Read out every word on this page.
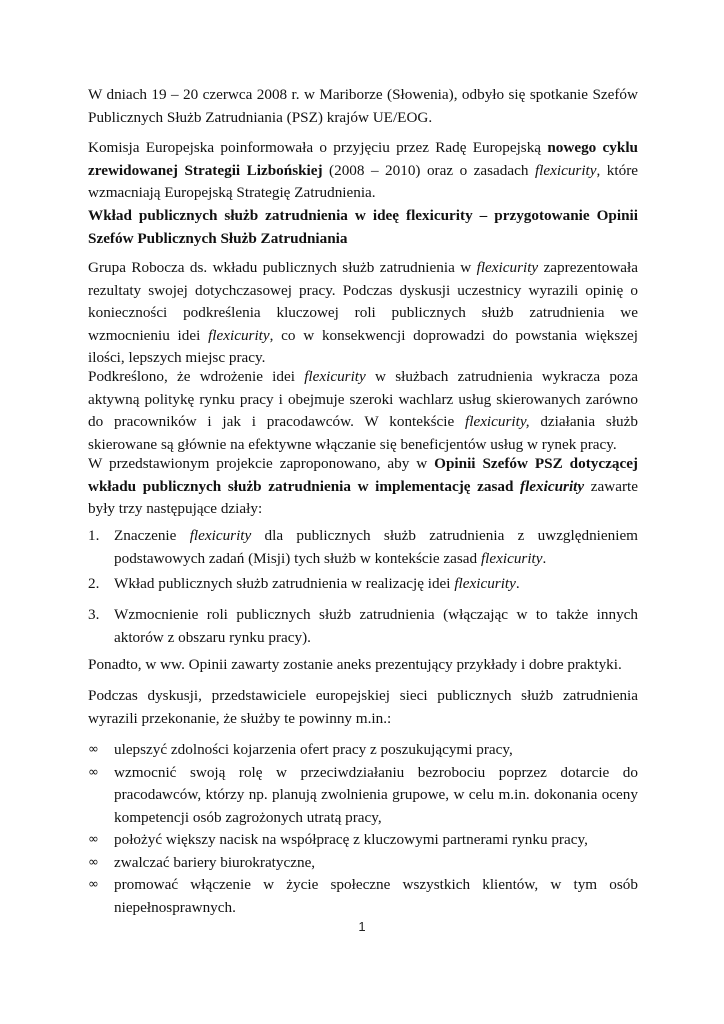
W dniach 19 – 20 czerwca 2008 r. w Mariborze (Słowenia), odbyło się spotkanie Szefów Publicznych Służb Zatrudniania (PSZ) krajów UE/EOG.

Komisja Europejska poinformowała o przyjęciu przez Radę Europejską nowego cyklu zrewidowanej Strategii Lizbońskiej (2008 – 2010) oraz o zasadach flexicurity, które wzmacniają Europejską Strategię Zatrudnienia.

Wkład publicznych służb zatrudnienia w ideę flexicurity – przygotowanie Opinii Szefów Publicznych Służb Zatrudniania

Grupa Robocza ds. wkładu publicznych służb zatrudnienia w flexicurity zaprezentowała rezultaty swojej dotychczasowej pracy. Podczas dyskusji uczestnicy wyrazili opinię o konieczności podkreślenia kluczowej roli publicznych służb zatrudnienia we wzmocnieniu idei flexicurity, co w konsekwencji doprowadzi do powstania większej ilości, lepszych miejsc pracy.

Podkreślono, że wdrożenie idei flexicurity w służbach zatrudnienia wykracza poza aktywną politykę rynku pracy i obejmuje szeroki wachlarz usług skierowanych zarówno do pracowników i jak i pracodawców. W kontekście flexicurity, działania służb skierowane są głównie na efektywne włączanie się beneficjentów usług w rynek pracy.

W przedstawionym projekcie zaproponowano, aby w Opinii Szefów PSZ dotyczącej wkładu publicznych służb zatrudnienia w implementację zasad flexicurity zawarte były trzy następujące działy:

1. Znaczenie flexicurity dla publicznych służb zatrudnienia z uwzględnieniem podstawowych zadań (Misji) tych służb w kontekście zasad flexicurity.
2. Wkład publicznych służb zatrudnienia w realizację idei flexicurity.
3. Wzmocnienie roli publicznych służb zatrudnienia (włączając w to także innych aktorów z obszaru rynku pracy).

Ponadto, w ww. Opinii zawarty zostanie aneks prezentujący przykłady i dobre praktyki.

Podczas dyskusji, przedstawiciele europejskiej sieci publicznych służb zatrudnienia wyrazili przekonanie, że służby te powinny m.in.:

∞ ulepszyć zdolności kojarzenia ofert pracy z poszukującymi pracy,
∞ wzmocnić swoją rolę w przeciwdziałaniu bezrobociu poprzez dotarcie do pracodawców, którzy np. planują zwolnienia grupowe, w celu m.in. dokonania oceny kompetencji osób zagrożonych utratą pracy,
∞ położyć większy nacisk na współpracę z kluczowymi partnerami rynku pracy,
∞ zwalczać bariery biurokratyczne,
∞ promować włączenie w życie społeczne wszystkich klientów, w tym osób niepełnosprawnych.
1
